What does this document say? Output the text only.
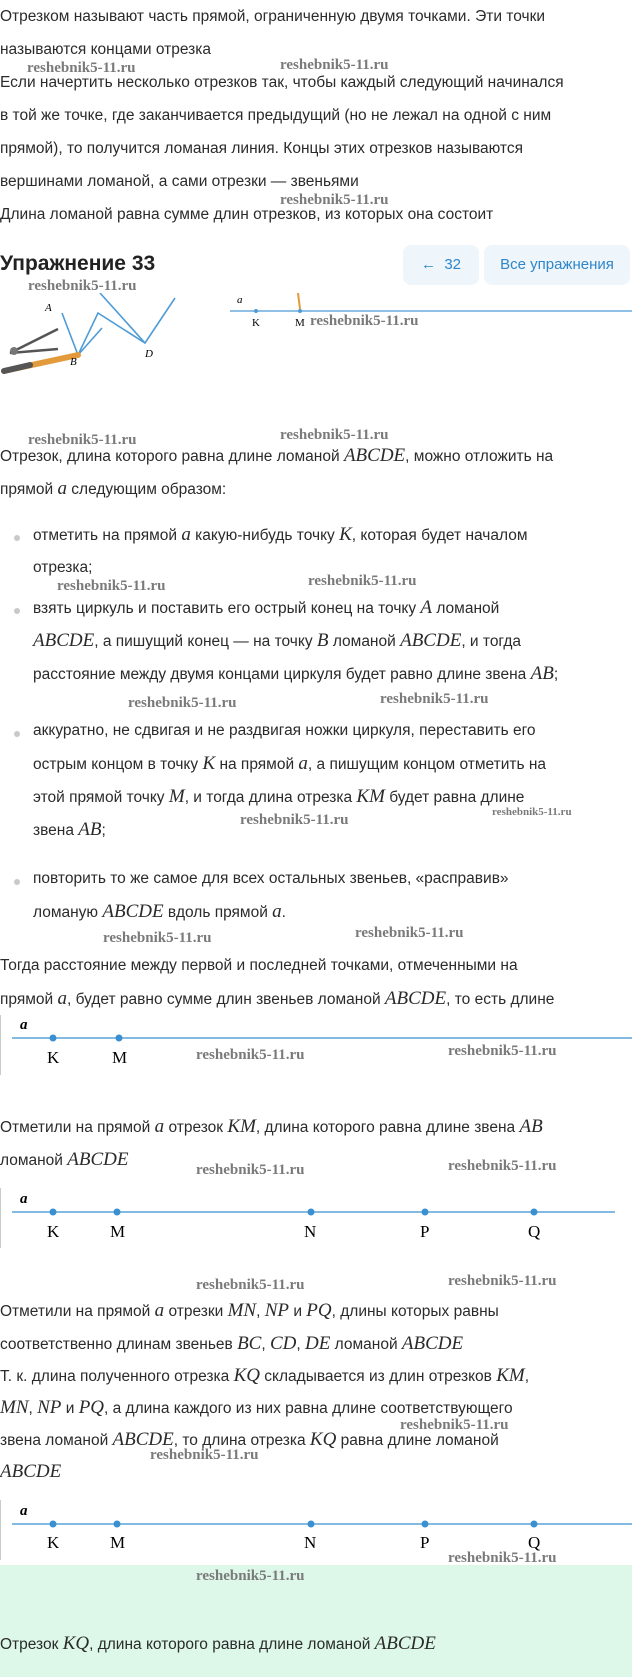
Отрезком называют часть прямой, ограниченную двумя точками. Эти точки
называются концами отрезка
Если начертить несколько отрезков так, чтобы каждый следующий начинался
в той же точке, где заканчивается предыдущий (но не лежал на одной с ним
прямой), то получится ломаная линия. Концы этих отрезков называются
вершинами ломаной, а сами отрезки — звеньями
Длина ломаной равна сумме длин отрезков, из которых она состоит
Упражнение 33	← 32	Все упражнения
A
B
D
a
K	M
Отрезок, длина которого равна длине ломаной ABCDE, можно отложить на
прямой a следующим образом:
отметить на прямой a какую-нибудь точку K, которая будет началом
отрезка;
взять циркуль и поставить его острый конец на точку A ломаной
ABCDE, а пишущий конец — на точку B ломаной ABCDE, и тогда
расстояние между двумя концами циркуля будет равно длине звена AB;
аккуратно, не сдвигая и не раздвигая ножки циркуля, переставить его
острым концом в точку K на прямой a, а пишущим концом отметить на
этой прямой точку M, и тогда длина отрезка KM будет равна длине
звена AB;
повторить то же самое для всех остальных звеньев, «расправив»
ломаную ABCDE вдоль прямой a.
Тогда расстояние между первой и последней точками, отмеченными на
прямой a, будет равно сумме длин звеньев ломаной ABCDE, то есть длине
a
K	M
Отметили на прямой a отрезок KM, длина которого равна длине звена AB
ломаной ABCDE
a
K	M	N	P	Q
Отметили на прямой a отрезки MN, NP и PQ, длины которых равны
соответственно длинам звеньев BC, CD, DE ломаной ABCDE
Т. к. длина полученного отрезка KQ складывается из длин отрезков KM,
MN, NP и PQ, а длина каждого из них равна длине соответствующего
звена ломаной ABCDE, то длина отрезка KQ равна длине ломаной
ABCDE
a
K	M	N	P	Q
Отрезок KQ, длина которого равна длине ломаной ABCDE
reshebnik5-11.ru	reshebnik5-11.ru
reshebnik5-11.ru
reshebnik5-11.ru
reshebnik5-11.ru
reshebnik5-11.ru	reshebnik5-11.ru
reshebnik5-11.ru	reshebnik5-11.ru
reshebnik5-11.ru	reshebnik5-11.ru
reshebnik5-11.ru	reshebnik5-11.ru
reshebnik5-11.ru	reshebnik5-11.ru
reshebnik5-11.ru	reshebnik5-11.ru
reshebnik5-11.ru	reshebnik5-11.ru
reshebnik5-11.ru	reshebnik5-11.ru
reshebnik5-11.ru
reshebnik5-11.ru
reshebnik5-11.ru
reshebnik5-11.ru
